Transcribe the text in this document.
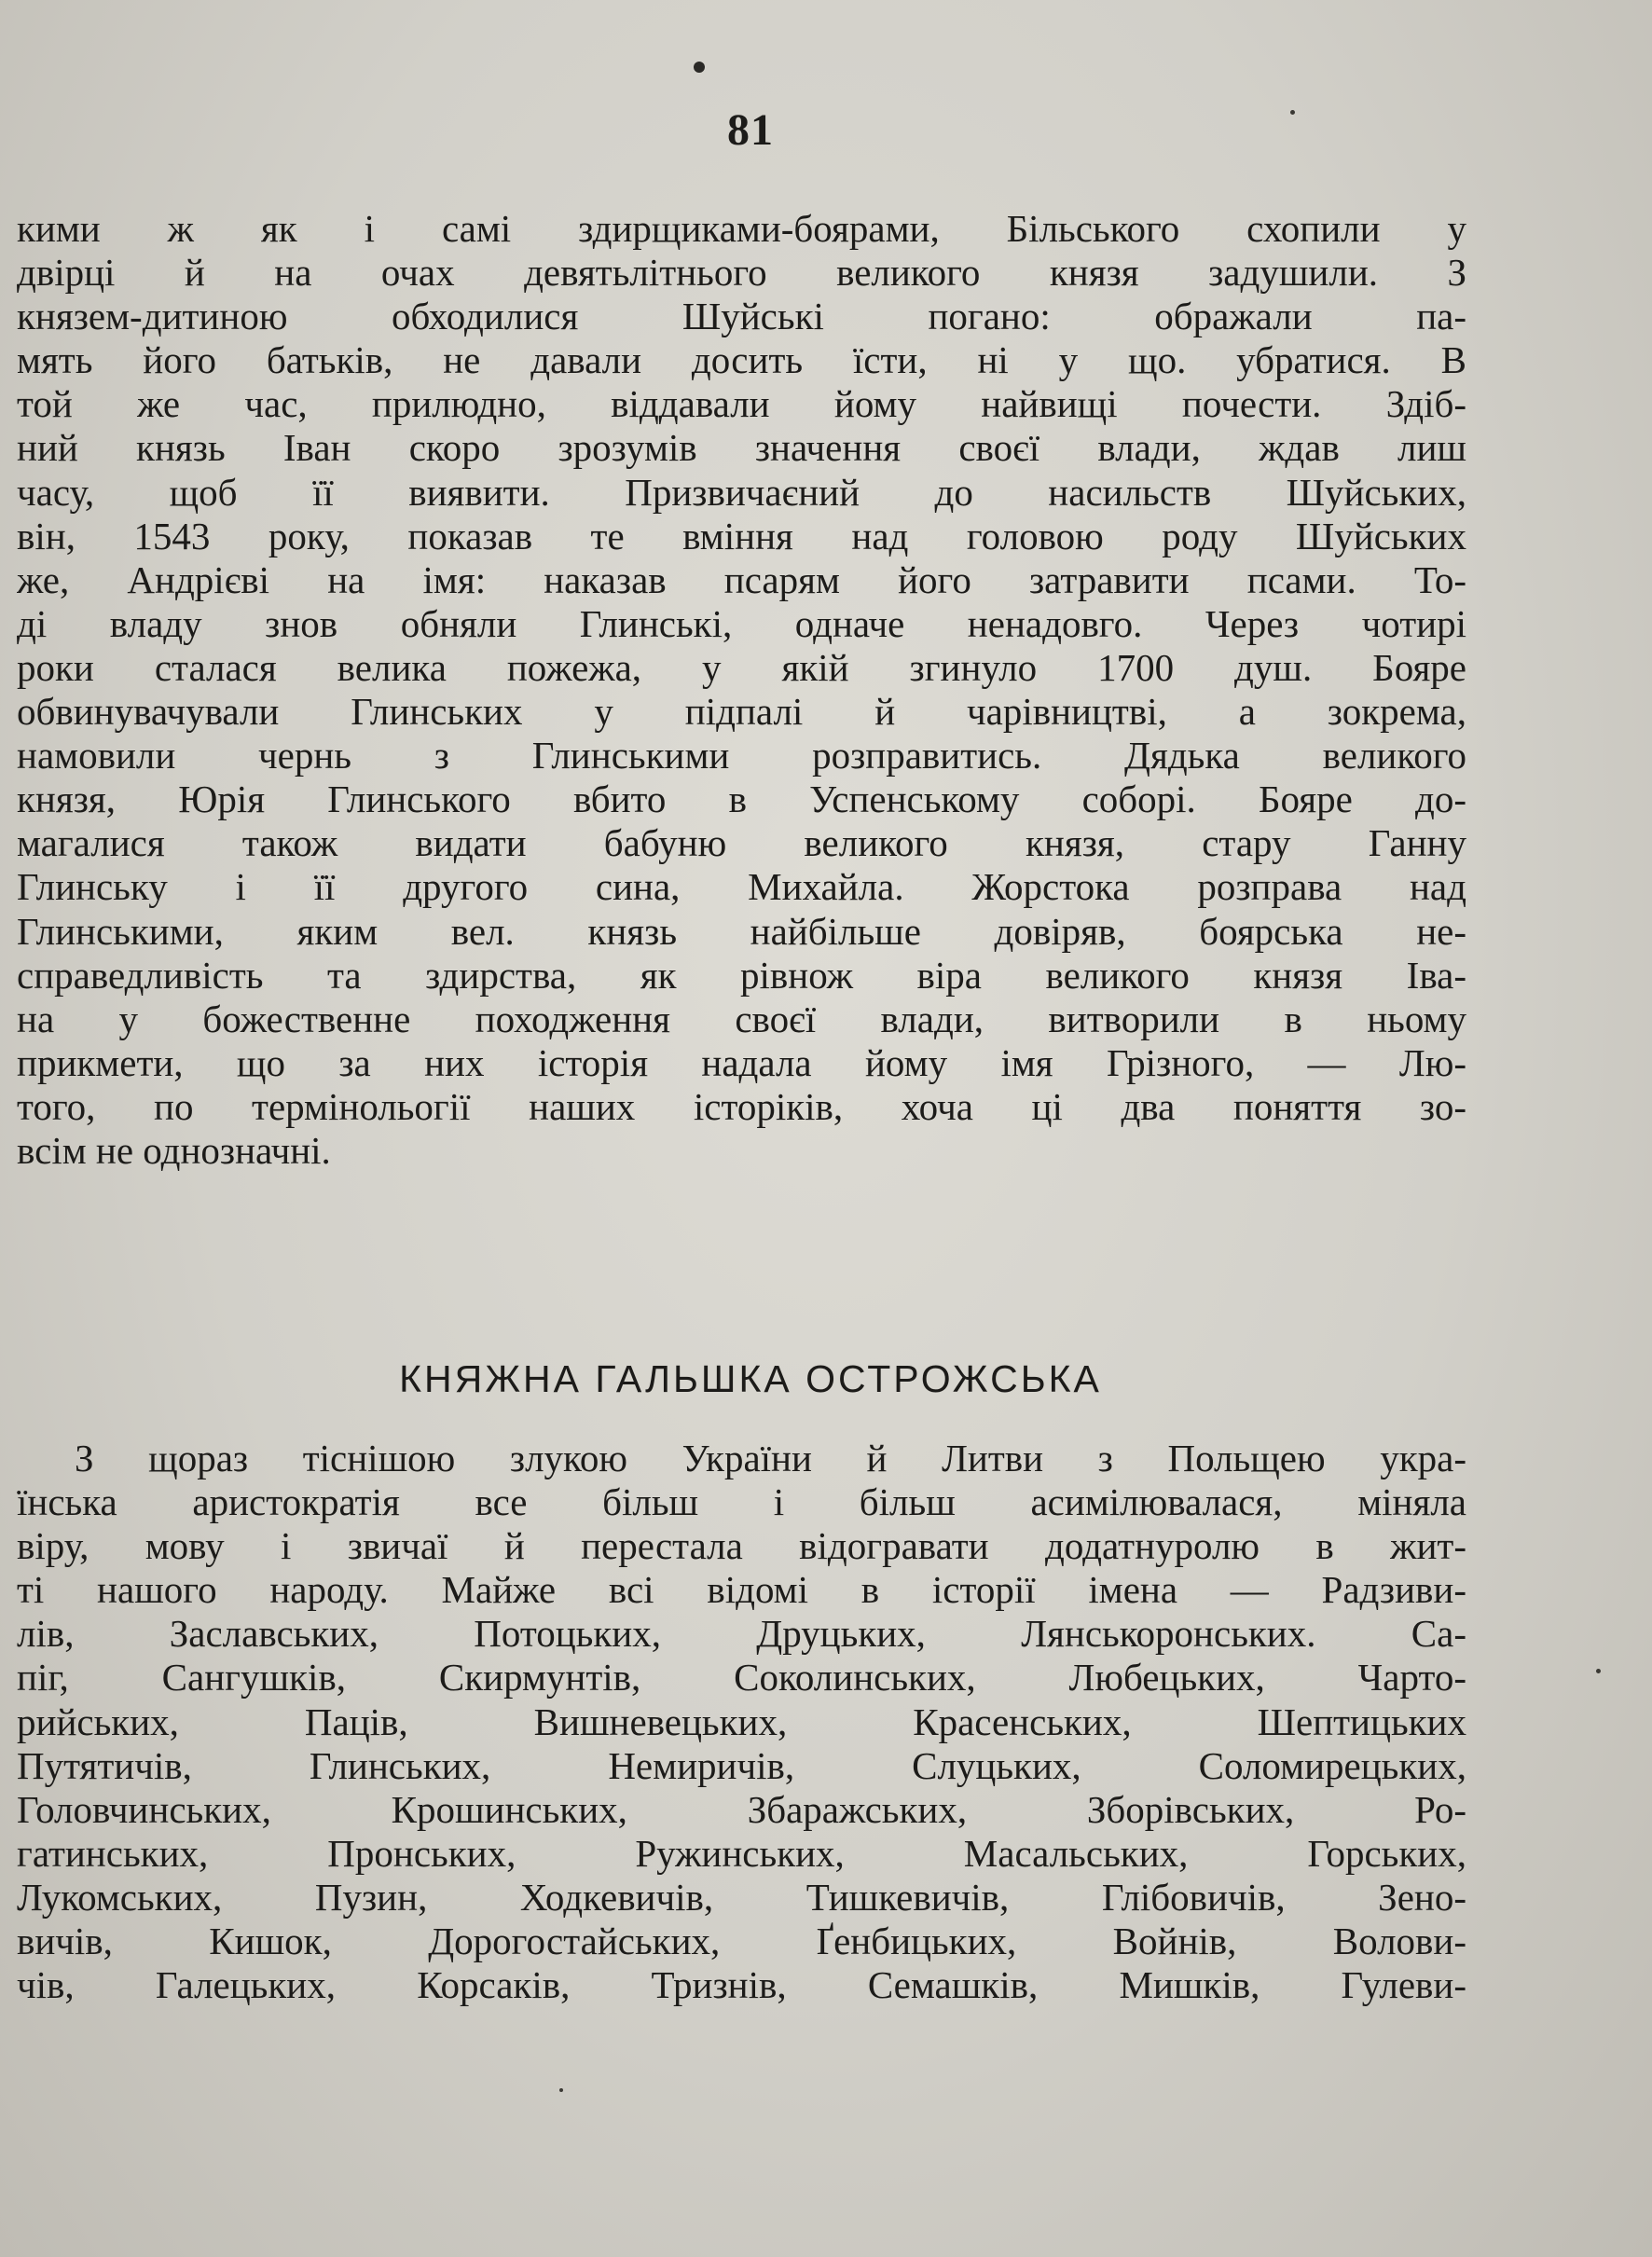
81
кими ж як і самі здирщиками-боярами, Більського схопили у
двірці й на очах девятьлітнього великого князя задушили. З
князем-дитиною обходилися Шуйські погано: ображали па-
мять його батьків, не давали досить їсти, ні у що. убратися. В
той же час, прилюдно, віддавали йому найвищі почести. Здіб-
ний князь Іван скоро зрозумів значення своєї влади, ждав лиш
часу, щоб її виявити. Призвичаєний до насильств Шуйських,
він, 1543 року, показав те вміння над головою роду Шуйських
же, Андрієві на імя: наказав псарям його затравити псами. То-
ді владу знов обняли Глинські, одначе ненадовго. Через чотирі
роки сталася велика пожежа, у якій згинуло 1700 душ. Бояре
обвинувачували Глинських у підпалі й чарівництві, а зокрема,
намовили чернь з Глинськими розправитись. Дядька великого
князя, Юрія Глинського вбито в Успенському соборі. Бояре до-
магалися також видати бабуню великого князя, стару Ганну
Глинську і її другого сина, Михайла. Жорстока розправа над
Глинськими, яким вел. князь найбільше довіряв, боярська не-
справедливість та здирства, як рівнож віра великого князя Іва-
на у божественне походження своєї влади, витворили в ньому
прикмети, що за них історія надала йому імя Грізного, — Лю-
того, по термінольогії наших історіків, хоча ці два поняття зо-
всім не однозначні.
КНЯЖНА ГАЛЬШКА ОСТРОЖСЬКА
З щораз тіснішою злукою України й Литви з Польщею укра-
їнська аристократія все більш і більш асимілювалася, міняла
віру, мову і звичаї й перестала відогравати додатнуролю в жит-
ті нашого народу. Майже всі відомі в історії імена — Радзиви-
лів, Заславських, Потоцьких, Друцьких, Лянськоронських. Са-
піг, Сангушків, Скирмунтів, Соколинських, Любецьких, Чарто-
рийських, Пацiв, Вишневецьких, Красенських, Шептицьких
Путятичів, Глинських, Немиричів, Слуцьких, Соломирецьких,
Головчинських, Крошинських, Збаражських, Зборівських, Ро-
гатинських, Пронських, Ружинських, Масальських, Горських,
Лукомських, Пузин, Ходкевичів, Тишкевичів, Глібовичів, Зено-
вичів, Кишок, Дорогостайських, Ґенбицьких, Войнів, Волови-
чів, Галецьких, Корсаків, Тризнів, Семашків, Мишків, Гулеви-
